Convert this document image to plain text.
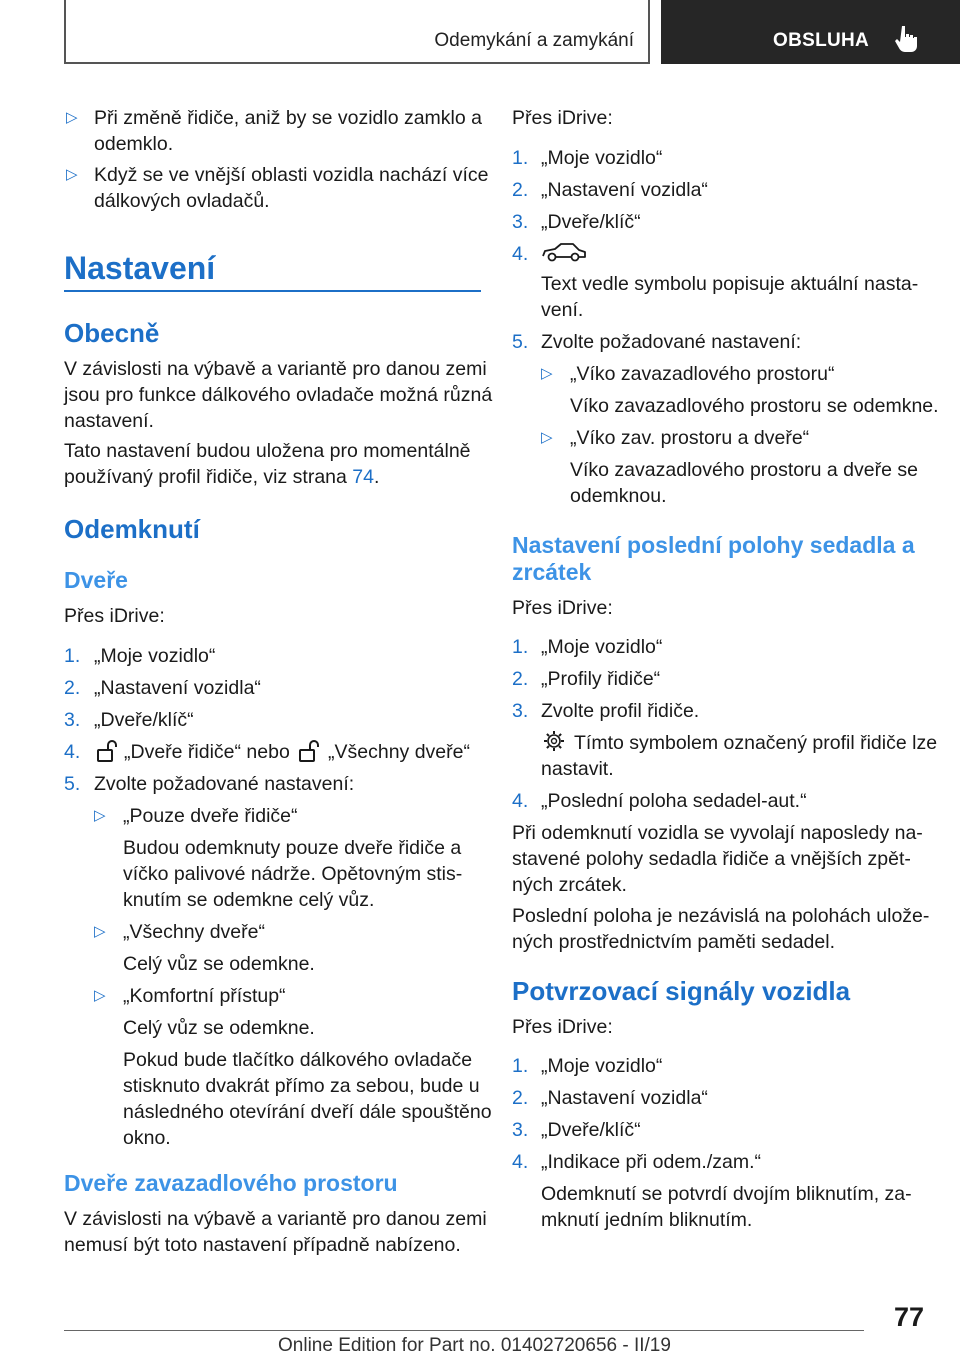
Odemykání a zamykání	OBSLUHA
▷ Při změně řidiče, aniž by se vozidlo zamklo a
odemklo.
▷ Když se ve vnější oblasti vozidla nachází více
dálkových ovladačů.
Nastavení
Obecně
V závislosti na výbavě a variantě pro danou zemi
jsou pro funkce dálkového ovladače možná různá
nastavení.
Tato nastavení budou uložena pro momentálně
používaný profil řidiče, viz strana 74.
Odemknutí
Dveře
Přes iDrive:
1. „Moje vozidlo“
2. „Nastavení vozidla“
3. „Dveře/klíč“
4. „Dveře řidiče“ nebo „Všechny dveře“
5. Zvolte požadované nastavení:
▷ „Pouze dveře řidiče“
Budou odemknuty pouze dveře řidiče a
víčko palivové nádrže. Opětovným stis-
knutím se odemkne celý vůz.
▷ „Všechny dveře“
Celý vůz se odemkne.
▷ „Komfortní přístup“
Celý vůz se odemkne.
Pokud bude tlačítko dálkového ovladače
stisknuto dvakrát přímo za sebou, bude u
následného otevírání dveří dále spouštěno
okno.
Dveře zavazadlového prostoru
V závislosti na výbavě a variantě pro danou zemi
nemusí být toto nastavení případně nabízeno.
Přes iDrive:
1. „Moje vozidlo“
2. „Nastavení vozidla“
3. „Dveře/klíč“
4.
Text vedle symbolu popisuje aktuální nasta-
vení.
5. Zvolte požadované nastavení:
▷ „Víko zavazadlového prostoru“
Víko zavazadlového prostoru se odemkne.
▷ „Víko zav. prostoru a dveře“
Víko zavazadlového prostoru a dveře se
odemknou.
Nastavení poslední polohy sedadla a
zrcátek
Přes iDrive:
1. „Moje vozidlo“
2. „Profily řidiče“
3. Zvolte profil řidiče.
Tímto symbolem označený profil řidiče lze
nastavit.
4. „Poslední poloha sedadel-aut.“
Při odemknutí vozidla se vyvolají naposledy na-
stavené polohy sedadla řidiče a vnějších zpět-
ných zrcátek.
Poslední poloha je nezávislá na polohách ulože-
ných prostřednictvím paměti sedadel.
Potvrzovací signály vozidla
Přes iDrive:
1. „Moje vozidlo“
2. „Nastavení vozidla“
3. „Dveře/klíč“
4. „Indikace při odem./zam.“
Odemknutí se potvrdí dvojím bliknutím, za-
mknutí jedním bliknutím.
77
Online Edition for Part no. 01402720656 - II/19
